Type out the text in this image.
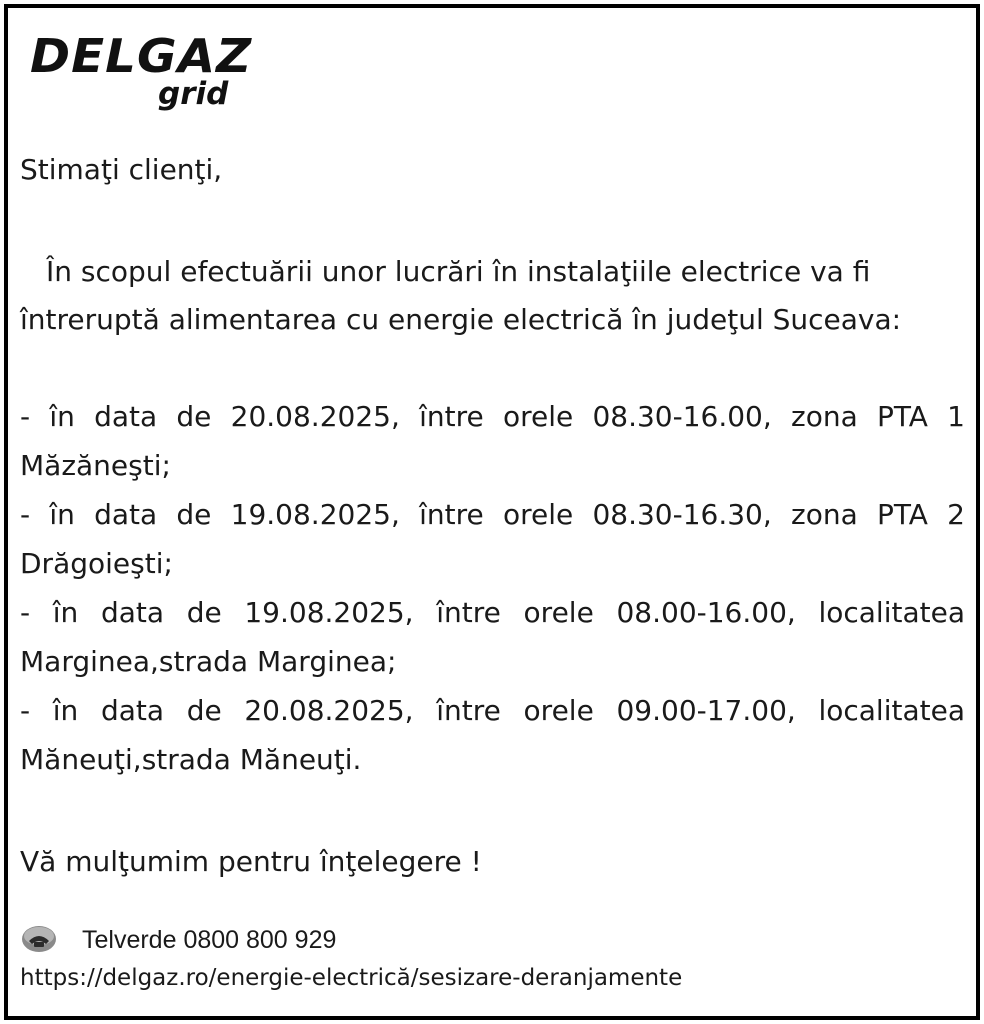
DELGAZ
grid
Stimaţi clienţi,
În scopul efectuării unor lucrări în instalaţiile electrice va fi
întreruptă alimentarea cu energie electrică în judeţul Suceava:
- în data de 20.08.2025, între orele 08.30-16.00, zona PTA 1
Măzăneşti;
- în data de 19.08.2025, între orele 08.30-16.30, zona PTA 2
Drăgoieşti;
- în data de 19.08.2025, între orele 08.00-16.00, localitatea
Marginea,strada Marginea;
- în data de 20.08.2025, între orele 09.00-17.00, localitatea
Măneuţi,strada Măneuţi.
Vă mulţumim pentru înţelegere !
Telverde 0800 800 929
https://delgaz.ro/energie-electrică/sesizare-deranjamente
